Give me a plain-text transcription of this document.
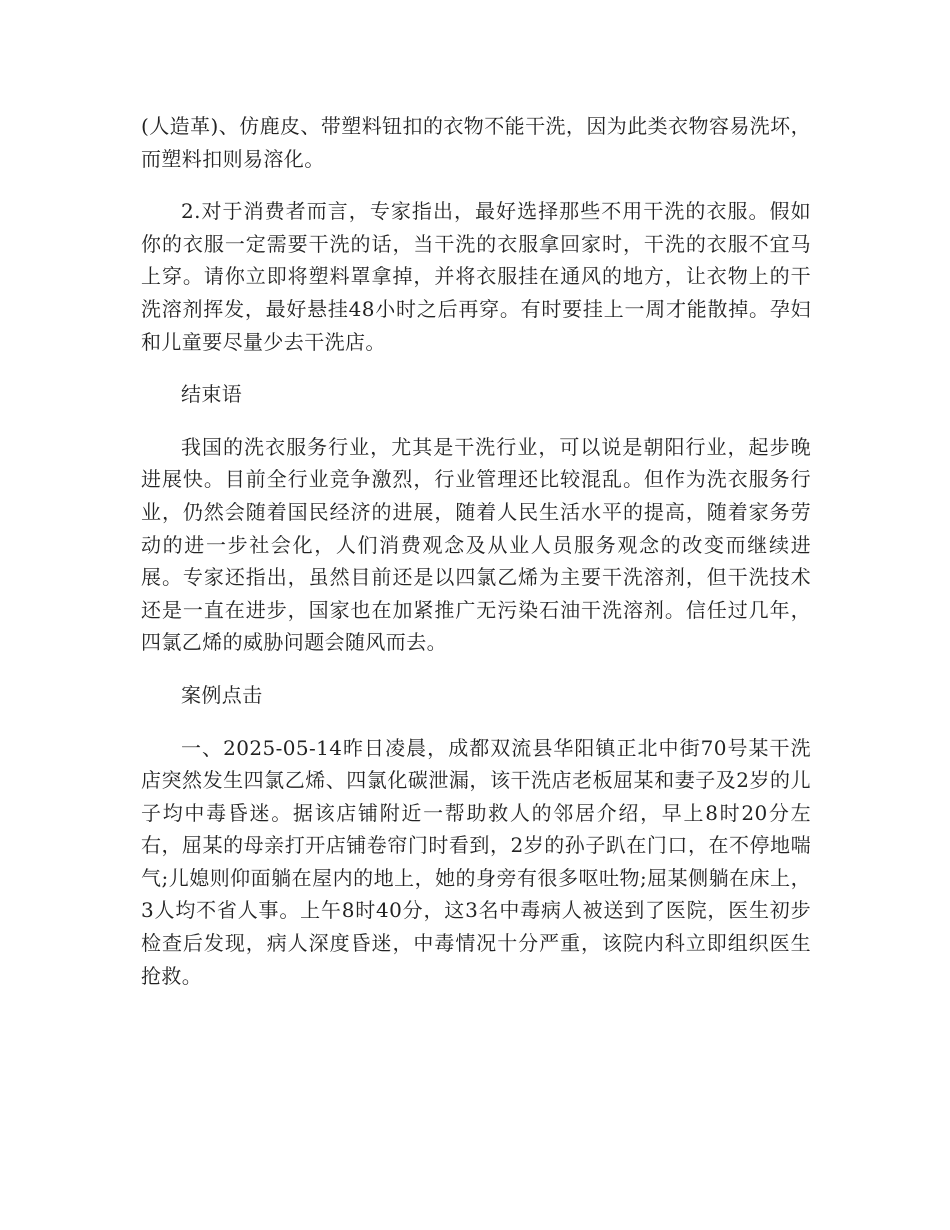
(人造革)、仿鹿皮、带塑料钮扣的衣物不能干洗，因为此类衣物容易洗坏，而塑料扣则易溶化。

2.对于消费者而言，专家指出，最好选择那些不用干洗的衣服。假如你的衣服一定需要干洗的话，当干洗的衣服拿回家时，干洗的衣服不宜马上穿。请你立即将塑料罩拿掉，并将衣服挂在通风的地方，让衣物上的干洗溶剂挥发，最好悬挂48小时之后再穿。有时要挂上一周才能散掉。孕妇和儿童要尽量少去干洗店。

结束语

我国的洗衣服务行业，尤其是干洗行业，可以说是朝阳行业，起步晚进展快。目前全行业竞争激烈，行业管理还比较混乱。但作为洗衣服务行业，仍然会随着国民经济的进展，随着人民生活水平的提高，随着家务劳动的进一步社会化，人们消费观念及从业人员服务观念的改变而继续进展。专家还指出，虽然目前还是以四氯乙烯为主要干洗溶剂，但干洗技术还是一直在进步，国家也在加紧推广无污染石油干洗溶剂。信任过几年，四氯乙烯的威胁问题会随风而去。

案例点击

一、2025-05-14昨日凌晨，成都双流县华阳镇正北中街70号某干洗店突然发生四氯乙烯、四氯化碳泄漏，该干洗店老板屈某和妻子及2岁的儿子均中毒昏迷。据该店铺附近一帮助救人的邻居介绍，早上8时20分左右，屈某的母亲打开店铺卷帘门时看到，2岁的孙子趴在门口，在不停地喘气;儿媳则仰面躺在屋内的地上，她的身旁有很多呕吐物;屈某侧躺在床上，3人均不省人事。上午8时40分，这3名中毒病人被送到了医院，医生初步检查后发现，病人深度昏迷，中毒情况十分严重，该院内科立即组织医生抢救。
